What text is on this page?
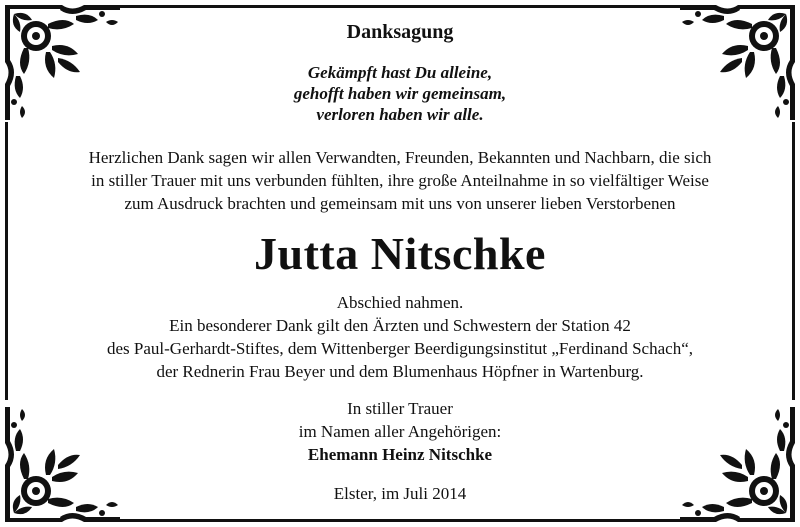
Danksagung
Gekämpft hast Du alleine,
gehofft haben wir gemeinsam,
verloren haben wir alle.
Herzlichen Dank sagen wir allen Verwandten, Freunden, Bekannten und Nachbarn, die sich
in stiller Trauer mit uns verbunden fühlten, ihre große Anteilnahme in so vielfältiger Weise
zum Ausdruck brachten und gemeinsam mit uns von unserer lieben Verstorbenen
Jutta Nitschke
Abschied nahmen.
Ein besonderer Dank gilt den Ärzten und Schwestern der Station 42
des Paul-Gerhardt-Stiftes, dem Wittenberger Beerdigungsinstitut „Ferdinand Schach“,
der Rednerin Frau Beyer und dem Blumenhaus Höpfner in Wartenburg.
In stiller Trauer
im Namen aller Angehörigen:
Ehemann Heinz Nitschke
Elster, im Juli 2014
